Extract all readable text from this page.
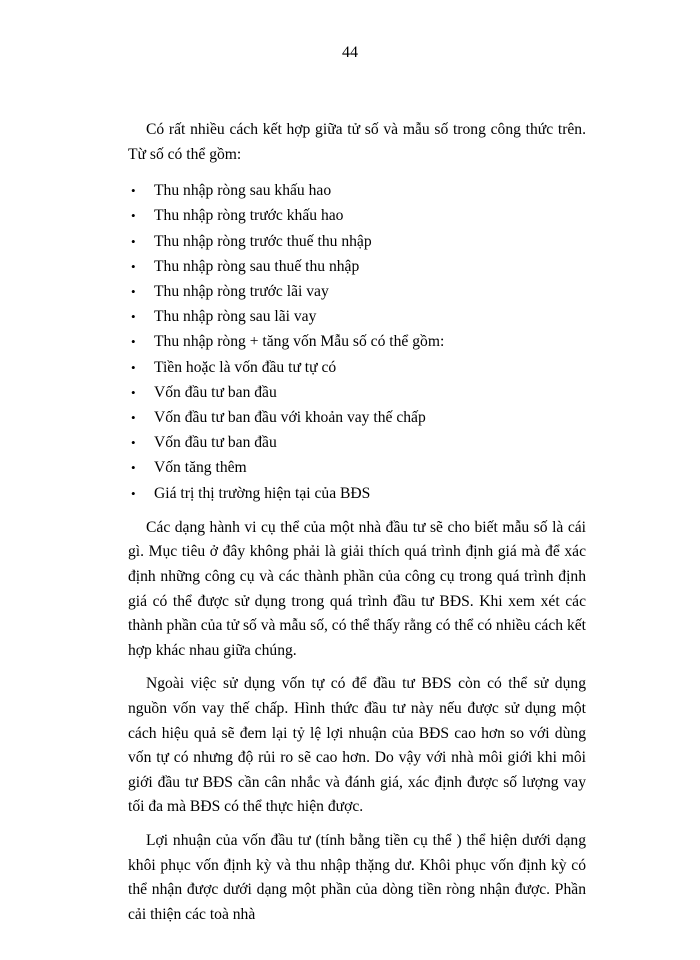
44

Có rất nhiều cách kết hợp giữa tử số và mẫu số trong công thức trên. Từ số có thể gồm:

• Thu nhập ròng sau khấu hao
• Thu nhập ròng trước khấu hao
• Thu nhập ròng trước thuế thu nhập
• Thu nhập ròng sau thuế thu nhập
• Thu nhập ròng trước lãi vay
• Thu nhập ròng sau lãi vay
• Thu nhập ròng + tăng vốn Mẫu số có thể gồm:
• Tiền hoặc là vốn đầu tư tự có
• Vốn đầu tư ban đầu
• Vốn đầu tư ban đầu với khoản vay thế chấp
• Vốn đầu tư ban đầu
• Vốn tăng thêm
• Giá trị thị trường hiện tại của BĐS

Các dạng hành vi cụ thể của một nhà đầu tư sẽ cho biết mẫu số là cái gì. Mục tiêu ở đây không phải là giải thích quá trình định giá mà để xác định những công cụ và các thành phần của công cụ trong quá trình định giá có thể được sử dụng trong quá trình đầu tư BĐS. Khi xem xét các thành phần của tử số và mẫu số, có thể thấy rằng có thể có nhiều cách kết hợp khác nhau giữa chúng.

Ngoài việc sử dụng vốn tự có để đầu tư BĐS còn có thể sử dụng nguồn vốn vay thế chấp. Hình thức đầu tư này nếu được sử dụng một cách hiệu quả sẽ đem lại tỷ lệ lợi nhuận của BĐS cao hơn so với dùng vốn tự có nhưng độ rủi ro sẽ cao hơn. Do vậy với nhà môi giới khi môi giới đầu tư BĐS cần cân nhắc và đánh giá, xác định được số lượng vay tối đa mà BĐS có thể thực hiện được.

Lợi nhuận của vốn đầu tư (tính bằng tiền cụ thể ) thể hiện dưới dạng khôi phục vốn định kỳ và thu nhập thặng dư. Khôi phục vốn định kỳ có thể nhận được dưới dạng một phần của dòng tiền ròng nhận được. Phần cải thiện các toà nhà
